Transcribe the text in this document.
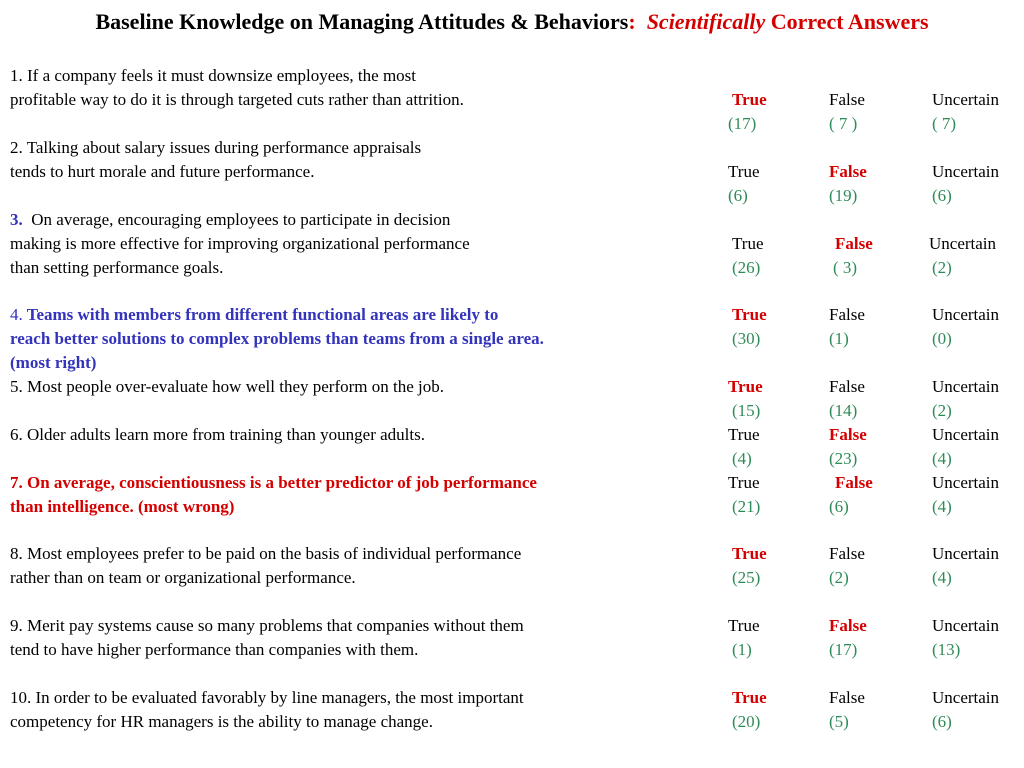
Baseline Knowledge on Managing Attitudes & Behaviors: Scientifically Correct Answers
1. If a company feels it must downsize employees, the most
profitable way to do it is through targeted cuts rather than attrition.	True	False	Uncertain
(17)	( 7 )	( 7)
2. Talking about salary issues during performance appraisals
tends to hurt morale and future performance.	True	False	Uncertain
(6)	(19)	(6)
3.  On average, encouraging employees to participate in decision
making is more effective for improving organizational performance
than setting performance goals.
True	False	Uncertain
(26)	( 3)	(2)
4. Teams with members from different functional areas are likely to
reach better solutions to complex problems than teams from a single area.
(most right)
True	False	Uncertain
(30)	(1)	(0)
5. Most people over-evaluate how well they perform on the job.	True	False	Uncertain
(15)	(14)	(2)
6. Older adults learn more from training than younger adults.	True	False	Uncertain
(4)	(23)	(4)
7. On average, conscientiousness is a better predictor of job performance
than intelligence. (most wrong)
True	False	Uncertain
(21)	(6)	(4)
8. Most employees prefer to be paid on the basis of individual performance
rather than on team or organizational performance.
True	False	Uncertain
(25)	(2)	(4)
9. Merit pay systems cause so many problems that companies without them
tend to have higher performance than companies with them.
True	False	Uncertain
(1)	(17)	(13)
10. In order to be evaluated favorably by line managers, the most important
competency for HR managers is the ability to manage change.
True	False	Uncertain
(20)	(5)	(6)
